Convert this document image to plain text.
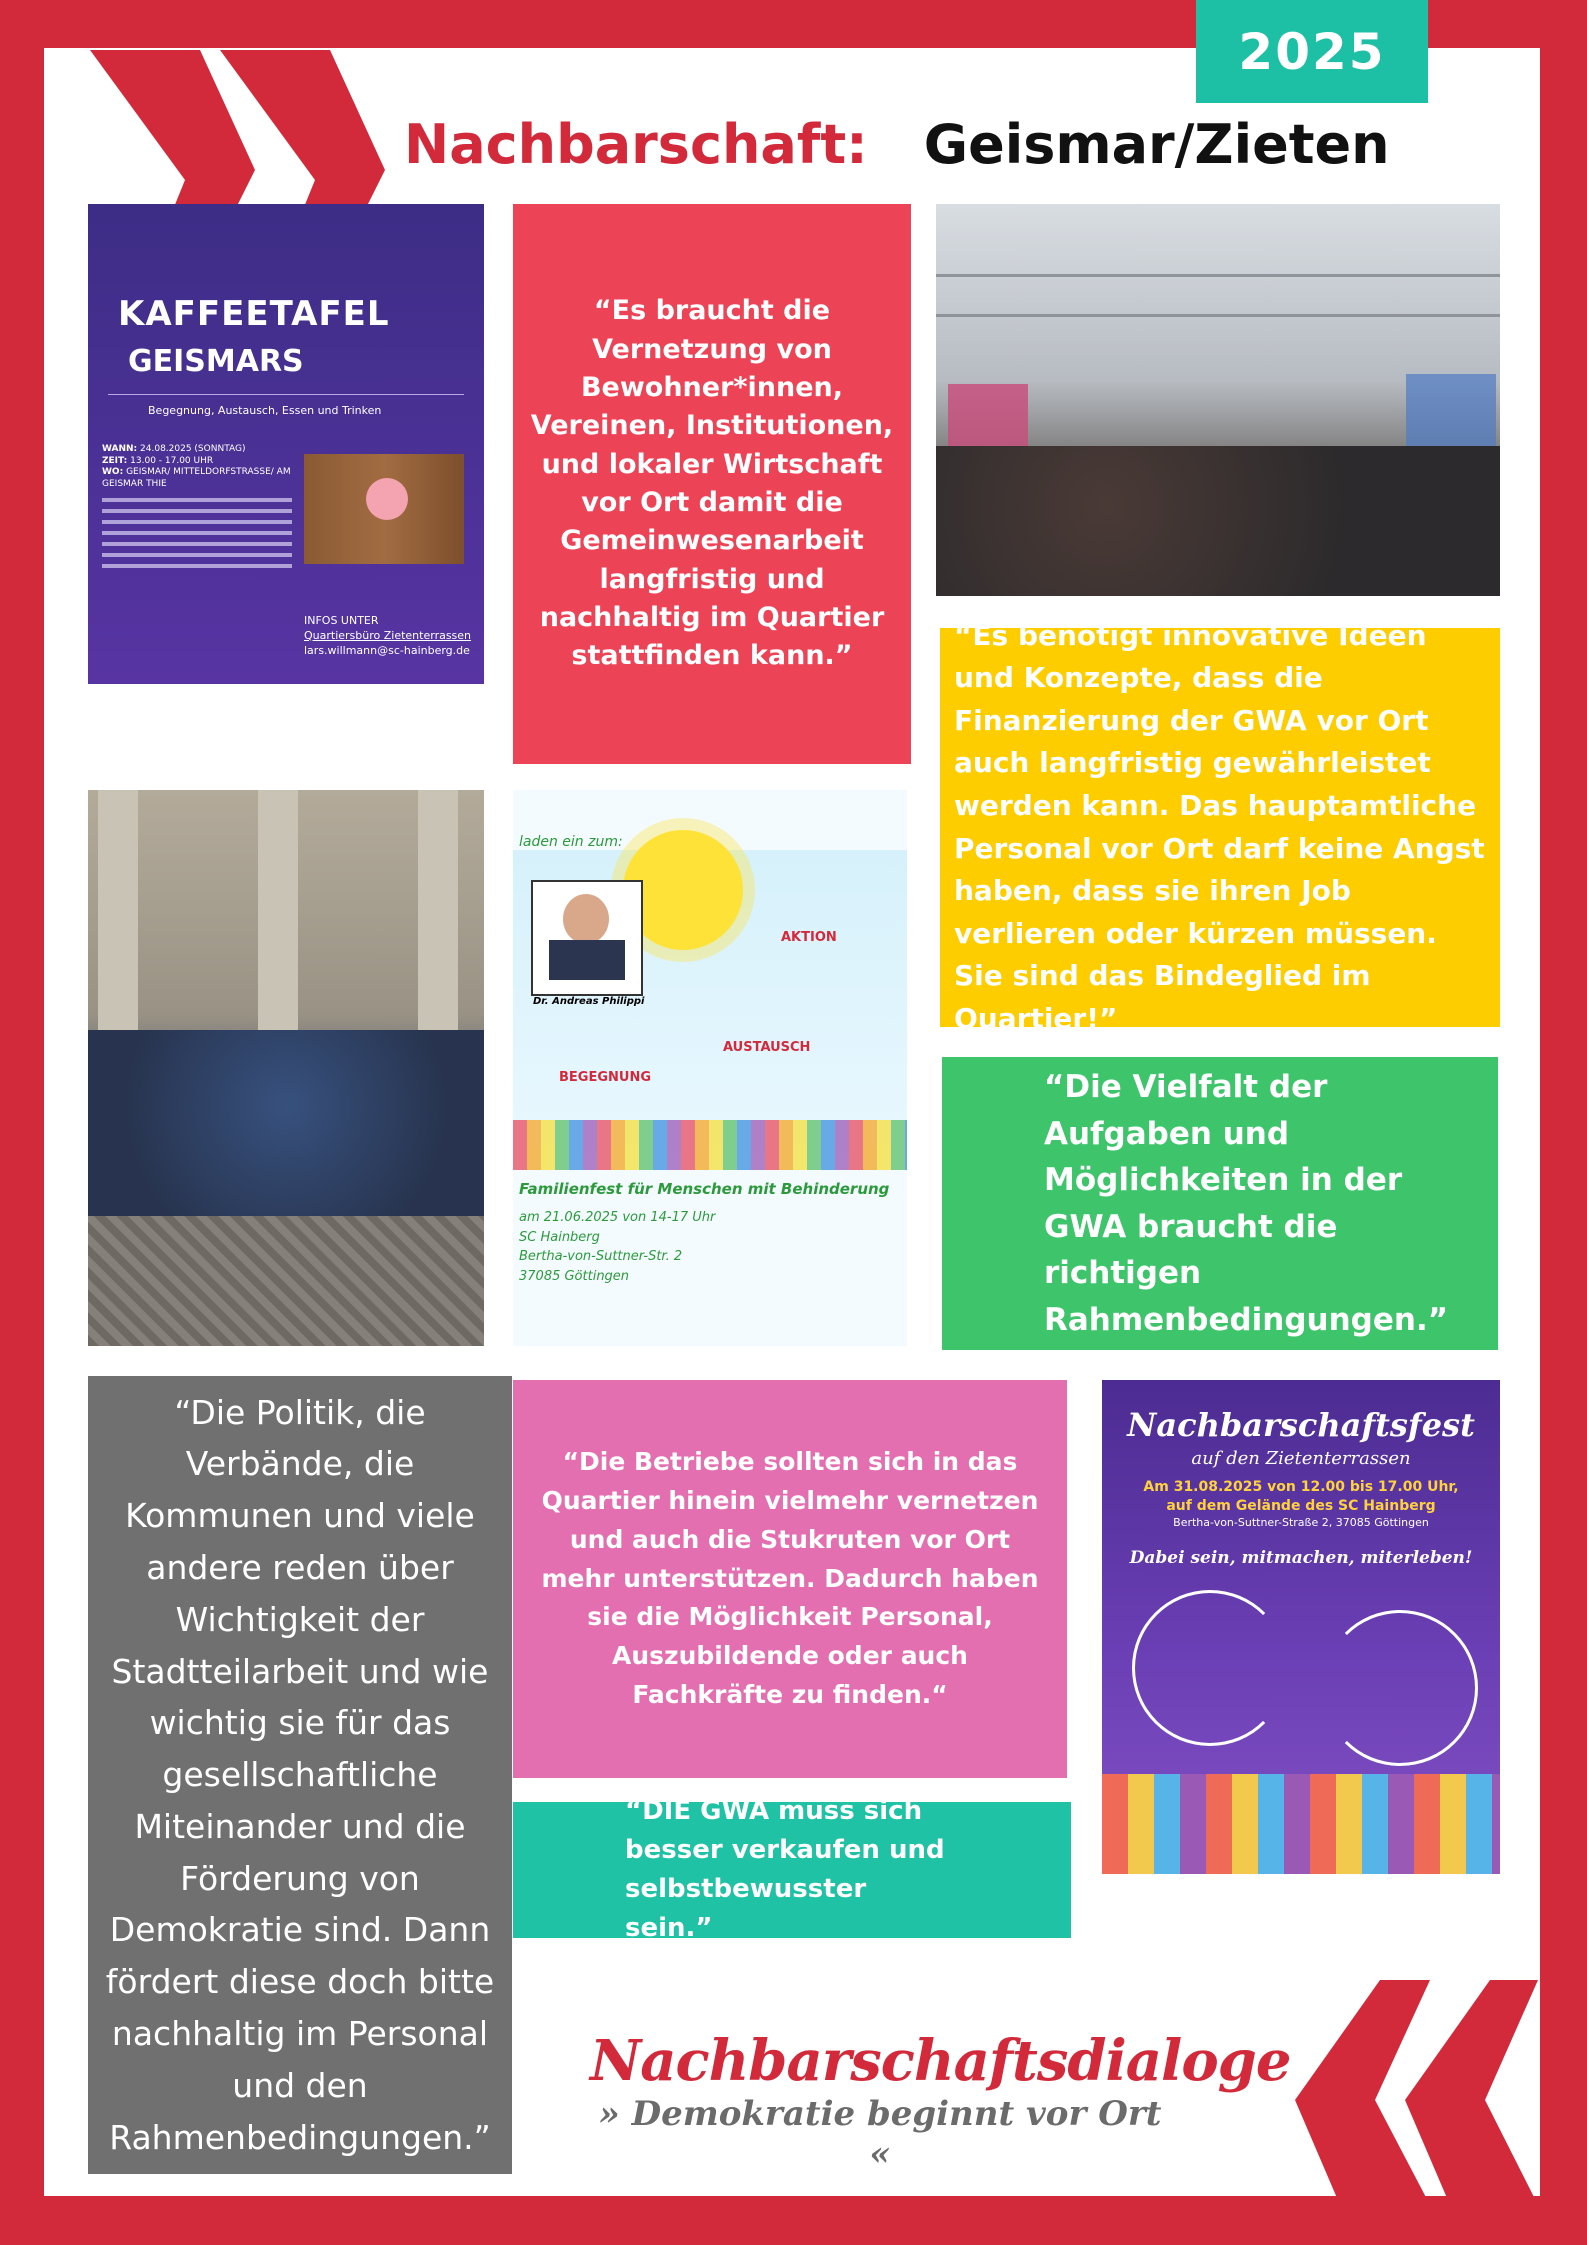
2025
Nachbarschaft: Geismar/Zieten
KAFFEETAFEL
GEISMARS
Begegnung, Austausch, Essen und Trinken
WANN: 24.08.2025 (SONNTAG)
ZEIT: 13.00 - 17.00 UHR
WO: GEISMAR/ MITTELDORFSTRASSE/ AM GEISMAR THIE
INFOS UNTER
Quartiersbüro Zietenterrassen
lars.willmann@sc-hainberg.de
laden ein zum:
Dr. Andreas Philippi
AKTION
AUSTAUSCH
BEGEGNUNG
Familienfest für Menschen mit Behinderung
am 21.06.2025 von 14-17 Uhr
SC Hainberg
Bertha-von-Suttner-Str. 2
37085 Göttingen
“Es braucht die Vernetzung von Bewohner*innen, Vereinen, Institutionen, und lokaler Wirtschaft vor Ort damit die Gemeinwesenarbeit langfristig und nachhaltig im Quartier stattfinden kann.”
“Es benötigt innovative Ideen und Konzepte, dass die Finanzierung der GWA vor Ort auch langfristig gewährleistet werden kann. Das hauptamtliche Personal vor Ort darf keine Angst haben, dass sie ihren Job verlieren oder kürzen müssen. Sie sind das Bindeglied im Quartier!”
“Die Vielfalt der Aufgaben und Möglichkeiten in der GWA braucht die richtigen Rahmenbedingungen.”
“Die Politik, die Verbände, die Kommunen und viele andere reden über Wichtigkeit der Stadtteilarbeit und wie wichtig sie für das gesellschaftliche Miteinander und die Förderung von Demokratie sind. Dann fördert diese doch bitte nachhaltig im Personal und den Rahmenbedingungen.”
“Die Betriebe sollten sich in das Quartier hinein vielmehr vernetzen und auch die Stukruten vor Ort mehr unterstützen. Dadurch haben sie die Möglichkeit Personal, Auszubildende oder auch Fachkräfte zu finden.“
“DIE GWA muss sich besser verkaufen und selbstbewusster sein.”
Nachbarschaftsfest
auf den Zietenterrassen
Am 31.08.2025 von 12.00 bis 17.00 Uhr,
auf dem Gelände des SC Hainberg
Bertha-von-Suttner-Straße 2, 37085 Göttingen
Dabei sein, mitmachen, miterleben!
Nachbarschaftsdialoge
» Demokratie beginnt vor Ort «
